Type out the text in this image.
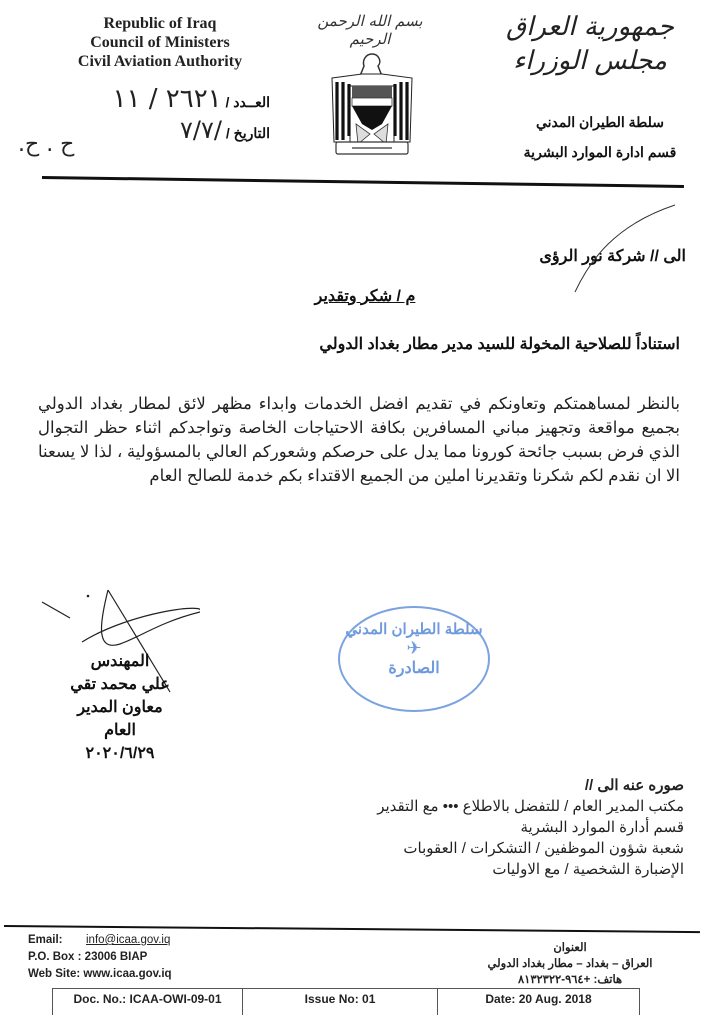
Republic of Iraq
Council of Ministers
Civil Aviation Authority
العــدد / ٢٦٢١ / ١١
التاريخ / /٧/٧
ح . ح.
بسم الله الرحمن الرحيم	جمهورية العراق
مجلس الوزراء
سلطة الطيران المدني
قسم ادارة الموارد البشرية
الى // شركة نور الرؤى
م / شكر وتقدير
استناداً للصلاحية المخولة للسيد مدير مطار بغداد الدولي
بالنظر لمساهمتكم وتعاونكم في تقديم افضل الخدمات وابداء مظهر لائق لمطار بغداد الدولي بجميع مواقعة وتجهيز مباني المسافرين بكافة الاحتياجات الخاصة وتواجدكم اثناء حظر التجوال الذي فرض بسبب جائحة كورونا مما يدل على حرصكم وشعوركم العالي بالمسؤولية ، لذا لا يسعنا الا ان نقدم لكم شكرنا وتقديرنا املين من الجميع الاقتداء بكم خدمة للصالح العام
المهندس
علي محمد تقي
معاون المدير العام
٢٠٢٠/٦/٢٩
سلطة الطيران المدني
✈
الصادرة
صوره عنه الى //
مكتب المدير العام / للتفضل بالاطلاع ••• مع التقدير
قسم أدارة الموارد البشرية
شعبة شؤون الموظفين / التشكرات / العقوبات
الإضبارة الشخصية / مع الاوليات
Email: info@icaa.gov.iq
P.O. Box : 23006 BIAP
Web Site: www.icaa.gov.iq
العنوان
العراق – بغداد – مطار بغداد الدولي
هاتف: +٩٦٤-٨١٣٢٣٢٢
Doc. No.: ICAA-OWI-09-01	Issue No: 01	Date: 20 Aug. 2018
